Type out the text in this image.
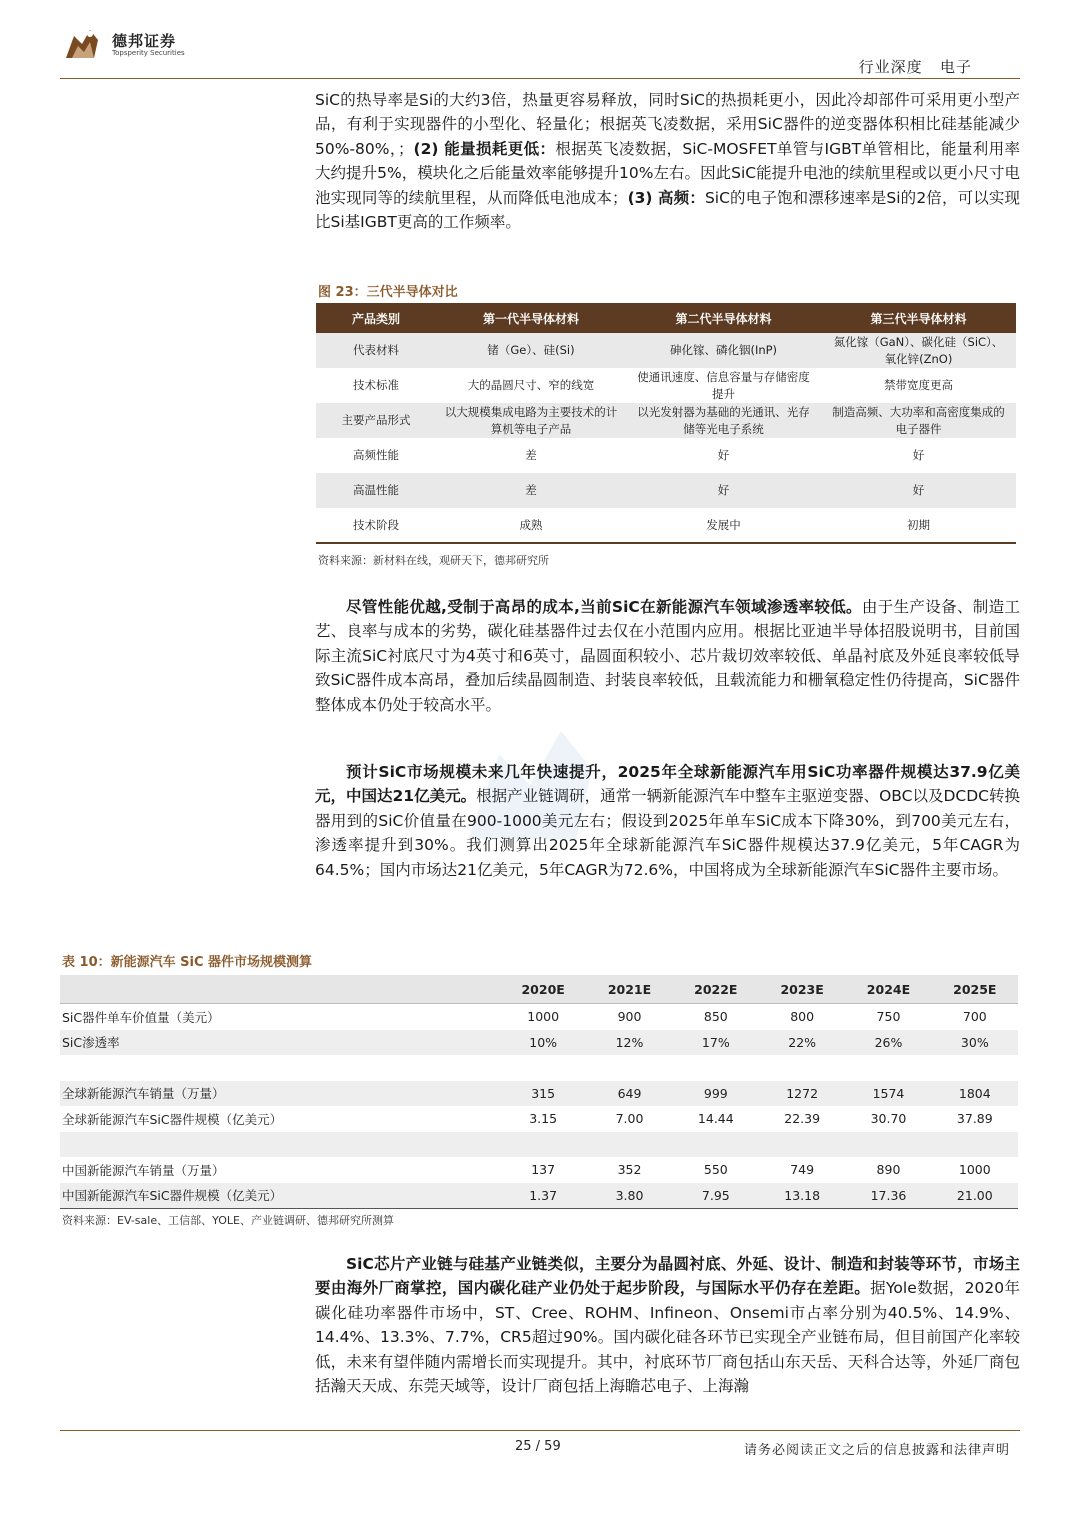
德邦证券
Topsperity Securities
行业深度 电子
SiC的热导率是Si的大约3倍，热量更容易释放，同时SiC的热损耗更小，因此冷却部件可采用更小型产品，有利于实现器件的小型化、轻量化；根据英飞凌数据，采用SiC器件的逆变器体积相比硅基能减少50%-80%，；(2) 能量损耗更低：根据英飞凌数据，SiC-MOSFET单管与IGBT单管相比，能量利用率大约提升5%，模块化之后能量效率能够提升10%左右。因此SiC能提升电池的续航里程或以更小尺寸电池实现同等的续航里程，从而降低电池成本；(3) 高频：SiC的电子饱和漂移速率是Si的2倍，可以实现比Si基IGBT更高的工作频率。
图 23：三代半导体对比
产品类别	第一代半导体材料	第二代半导体材料	第三代半导体材料
代表材料	锗（Ge）、硅(Si)	砷化镓、磷化铟(InP)	氮化镓（GaN）、碳化硅（SiC）、氧化锌(ZnO)
技术标准	大的晶圆尺寸、窄的线宽	使通讯速度、信息容量与存储密度提升	禁带宽度更高
主要产品形式	以大规模集成电路为主要技术的计算机等电子产品	以光发射器为基础的光通讯、光存储等光电子系统	制造高频、大功率和高密度集成的电子器件
高频性能	差	好	好
高温性能	差	好	好
技术阶段	成熟	发展中	初期
资料来源：新材料在线，观研天下，德邦研究所
尽管性能优越,受制于高昂的成本,当前SiC在新能源汽车领域渗透率较低。由于生产设备、制造工艺、良率与成本的劣势，碳化硅基器件过去仅在小范围内应用。根据比亚迪半导体招股说明书，目前国际主流SiC衬底尺寸为4英寸和6英寸，晶圆面积较小、芯片裁切效率较低、单晶衬底及外延良率较低导致SiC器件成本高昂，叠加后续晶圆制造、封装良率较低，且载流能力和栅氧稳定性仍待提高，SiC器件整体成本仍处于较高水平。
预计SiC市场规模未来几年快速提升，2025年全球新能源汽车用SiC功率器件规模达37.9亿美元，中国达21亿美元。根据产业链调研，通常一辆新能源汽车中整车主驱逆变器、OBC以及DCDC转换器用到的SiC价值量在900-1000美元左右；假设到2025年单车SiC成本下降30%，到700美元左右，渗透率提升到30%。我们测算出2025年全球新能源汽车SiC器件规模达37.9亿美元，5年CAGR为64.5%；国内市场达21亿美元，5年CAGR为72.6%，中国将成为全球新能源汽车SiC器件主要市场。
表 10：新能源汽车 SiC 器件市场规模测算
	2020E	2021E	2022E	2023E	2024E	2025E
SiC器件单车价值量（美元）	1000	900	850	800	750	700
SiC渗透率	10%	12%	17%	22%	26%	30%

全球新能源汽车销量（万量）	315	649	999	1272	1574	1804
全球新能源汽车SiC器件规模（亿美元）	3.15	7.00	14.44	22.39	30.70	37.89

中国新能源汽车销量（万量）	137	352	550	749	890	1000
中国新能源汽车SiC器件规模（亿美元）	1.37	3.80	7.95	13.18	17.36	21.00
资料来源：EV-sale、工信部、YOLE、产业链调研、德邦研究所测算
SiC芯片产业链与硅基产业链类似，主要分为晶圆衬底、外延、设计、制造和封装等环节，市场主要由海外厂商掌控，国内碳化硅产业仍处于起步阶段，与国际水平仍存在差距。据Yole数据，2020年碳化硅功率器件市场中，ST、Cree、ROHM、Infineon、Onsemi市占率分别为40.5%、14.9%、14.4%、13.3%、7.7%，CR5超过90%。国内碳化硅各环节已实现全产业链布局，但目前国产化率较低，未来有望伴随内需增长而实现提升。其中，衬底环节厂商包括山东天岳、天科合达等，外延厂商包括瀚天天成、东莞天域等，设计厂商包括上海瞻芯电子、上海瀚
25 / 59	请务必阅读正文之后的信息披露和法律声明
